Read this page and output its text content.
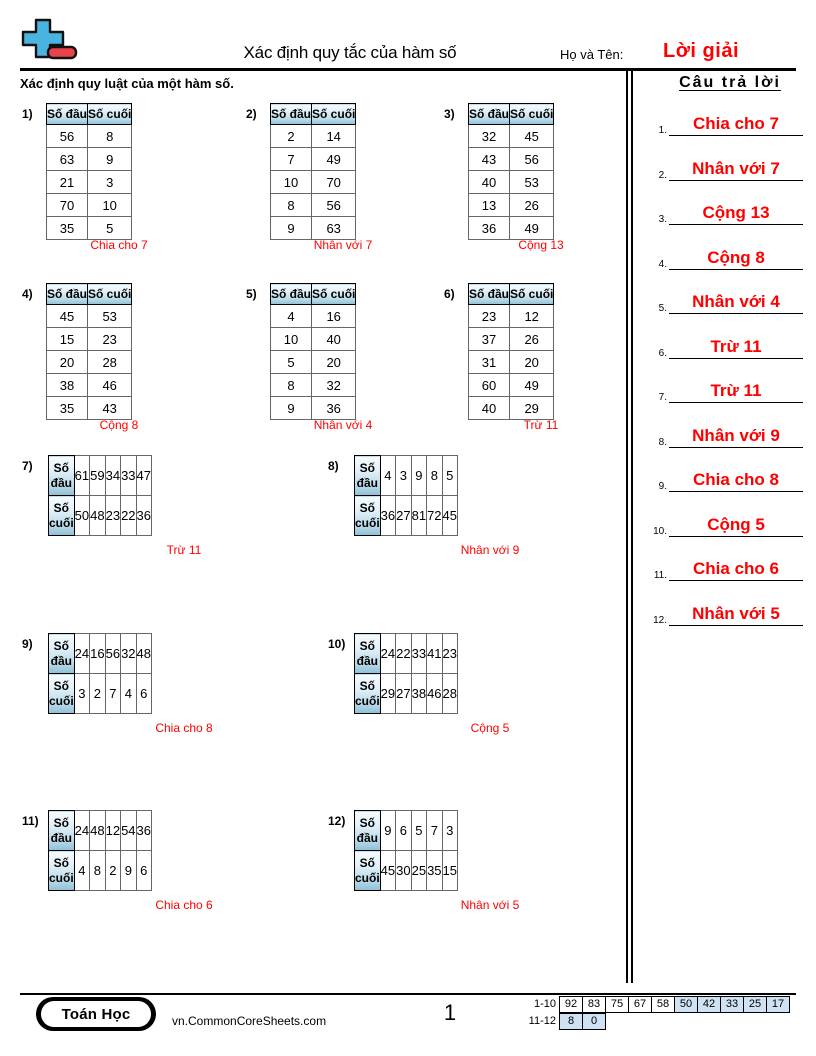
Xác định quy tắc của hàm số	Họ và Tên: Lời giải
Xác định quy luật của một hàm số.	Câu trả lời
1.	Chia cho 7
2.	Nhân với 7
3.	Cộng 13
4.	Cộng 8
5.	Nhân với 4
6.	Trừ 11
7.	Trừ 11
8.	Nhân với 9
9.	Chia cho 8
10.	Cộng 5
11.	Chia cho 6
12.	Nhân với 5
1) Số đầu	Số cuối
56	8
63	9
21	3
70	10
35	5
Chia cho 7
2) Số đầu	Số cuối
2	14
7	49
10	70
8	56
9	63
Nhân với 7
3) Số đầu	Số cuối
32	45
43	56
40	53
13	26
36	49
Cộng 13
4) Số đầu	Số cuối
45	53
15	23
20	28
38	46
35	43
Cộng 8
5) Số đầu	Số cuối
4	16
10	40
5	20
8	32
9	36
Nhân với 4
6) Số đầu	Số cuối
23	12
37	26
31	20
60	49
40	29
Trừ 11
7) Số
đầu	61	59	34	33	47
Số
cuối	50	48	23	22	36
Trừ 11
8) Số
đầu	4	3	9	8	5
Số
cuối	36	27	81	72	45
Nhân với 9
9) Số
đầu	24	16	56	32	48
Số
cuối	3	2	7	4	6
Chia cho 8
10) Số
đầu	24	22	33	41	23
Số
cuối	29	27	38	46	28
Cộng 5
11) Số
đầu	24	48	12	54	36
Số
cuối	4	8	2	9	6
Chia cho 6
12) Số
đầu	9	6	5	7	3
Số
cuối	45	30	25	35	15
Nhân với 5
Toán Học	vn.CommonCoreSheets.com	1	1-10 92 83 75 67 58 50 42 33 25 17
11-12	8	0
